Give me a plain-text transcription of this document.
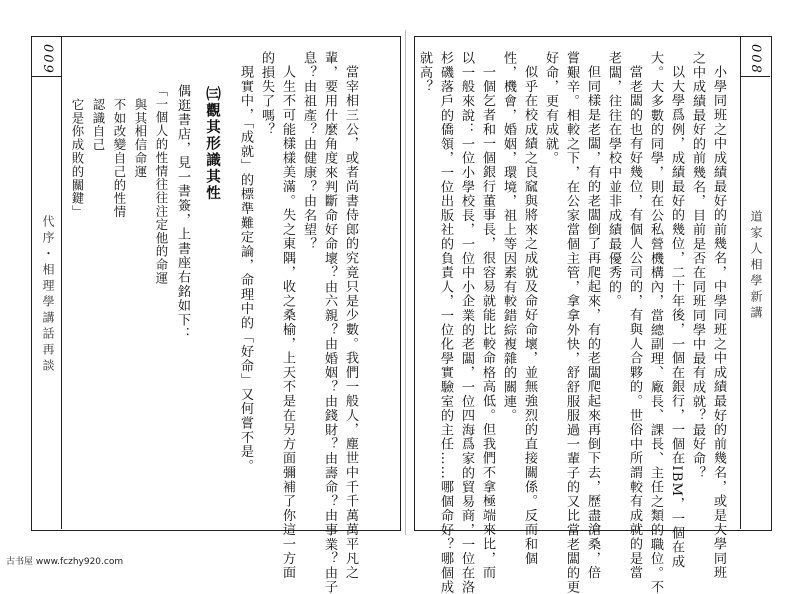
009
代序・相理學講話再談	當宰相三公，或者尚書侍郎的究竟只是少數。我們一般人，塵世中千千萬萬平凡之
輩，要用什麼角度來判斷命好命壞？由六親？由婚姻？由錢財？由壽命？由事業？由子
息？由祖產？由健康？由名望？
人生不可能樣樣美滿。失之東隅，收之桑榆，上天不是在另方面彌補了你這一方面
的損失了嗎？
現實中，「成就」的標準難定論，命理中的「好命」又何嘗不是。
㈢觀其形識其性
偶逛書店，見一書簽，上書座右銘如下：
「一個人的性情往往注定他的命運
與其相信命運
不如改變自己的性情
認識自己
它是你成敗的關鍵」
008
道家人相學新講
小學同班之中成績最好的前幾名，中學同班之中成績最好的前幾名，或是大學同班
之中成績最好的前幾名，目前是否在同班同學中最有成就？最好命？
以大學爲例，成績最好的幾位，二十年後，一個在銀行，一個在IBM，一個在成
大。大多數的同學，則在公私營機構內，當總副理、廠長、課長、主任之類的職位。不
當老闆的也有好幾位，有個人公司的，有與人合夥的。世俗中所謂較有成就的是當
老闆，往往在學校中並非成績最優秀的。
但同樣是老闆，有的老闆倒了再爬起來，有的老闆爬起來再倒下去，歷盡滄桑，倍
嘗艱辛。相較之下，在公家當個主管，拿拿外快，舒舒服服過一輩子的又比當老闆的更
好命，更有成就。
似乎在校成績之良窳與將來之成就及命好命壞，並無強烈的直接關係。反而和個
性，機會，婚姻，環境，祖上等因素有較錯綜複雜的關連。
一個乞者和一個銀行董事長，很容易就能比較命格高低。但我們不拿極端來比，而
以一般來說：一位小學校長，一位中小企業的老闆，一位四海爲家的貿易商，一位在洛
杉磯落戶的僑領，一位出版社的負責人，一位化學實驗室的主任……哪個命好？哪個成
就高？
古书屋 www.fczhy920.com
